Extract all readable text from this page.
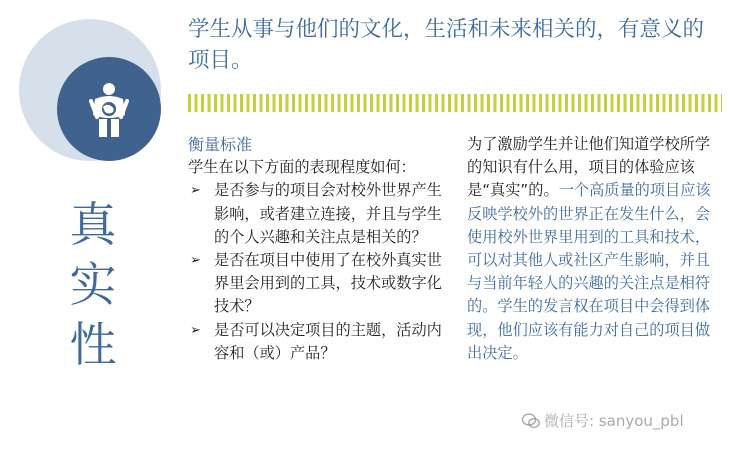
真
实
性
学生从事与他们的文化，生活和未来相关的，有意义的项目。
衡量标准
学生在以下方面的表现程度如何：
➢ 是否参与的项目会对校外世界产生影响，或者建立连接，并且与学生的个人兴趣和关注点是相关的？
➢ 是否在项目中使用了在校外真实世界里会用到的工具，技术或数字化技术？
➢ 是否可以决定项目的主题，活动内容和（或）产品？
为了激励学生并让他们知道学校所学的知识有什么用，项目的体验应该是“真实”的。一个高质量的项目应该反映学校外的世界正在发生什么，会使用校外世界里用到的工具和技术，可以对其他人或社区产生影响，并且与当前年轻人的兴趣的关注点是相符的。学生的发言权在项目中会得到体现，他们应该有能力对自己的项目做出决定。
微信号: sanyou_pbl
